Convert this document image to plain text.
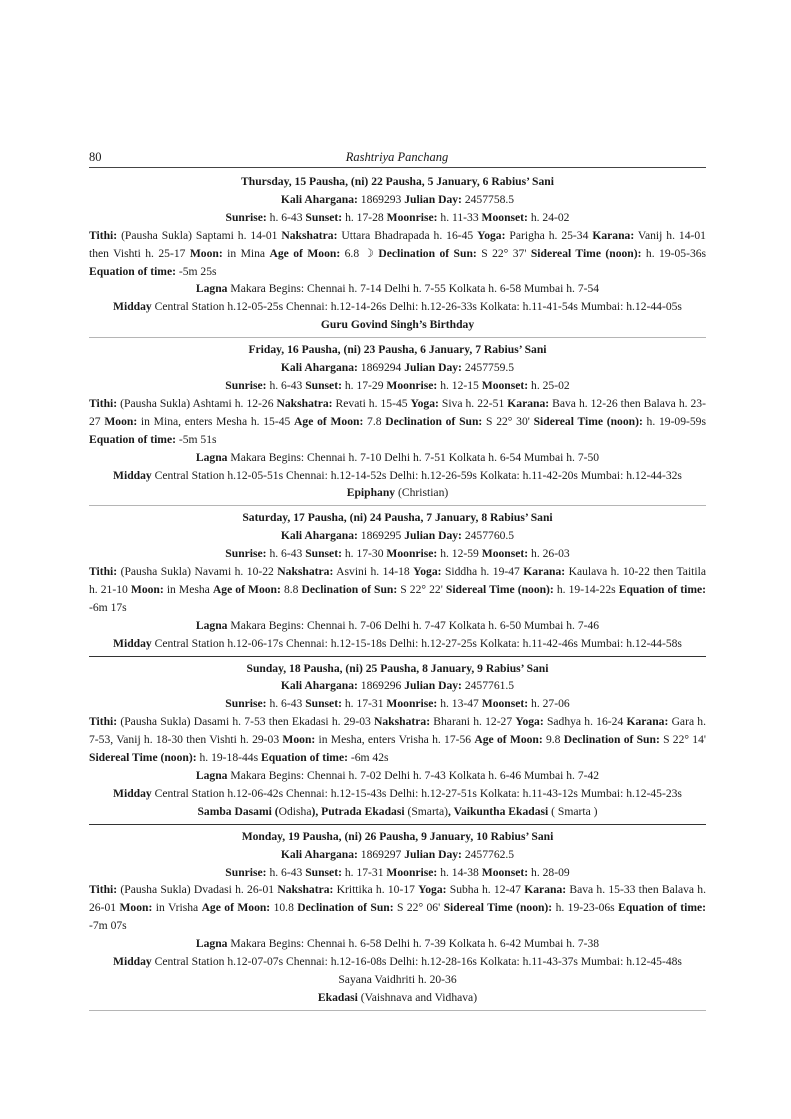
80	Rashtriya Panchang
Thursday, 15 Pausha, (ni) 22 Pausha, 5 January, 6 Rabius’ Sani
Kali Ahargana: 1869293 Julian Day: 2457758.5
Sunrise: h. 6-43 Sunset: h. 17-28 Moonrise: h. 11-33 Moonset: h. 24-02
Tithi: (Pausha Sukla) Saptami h. 14-01 Nakshatra: Uttara Bhadrapada h. 16-45 Yoga: Parigha h. 25-34 Karana: Vanij h. 14-01 then Vishti h. 25-17 Moon: in Mina Age of Moon: 6.8 ☽ Declination of Sun: S 22° 37' Sidereal Time (noon): h. 19-05-36s Equation of time: -5m 25s
Lagna Makara Begins: Chennai h. 7-14 Delhi h. 7-55 Kolkata h. 6-58 Mumbai h. 7-54
Midday Central Station h.12-05-25s Chennai: h.12-14-26s Delhi: h.12-26-33s Kolkata: h.11-41-54s Mumbai: h.12-44-05s
Guru Govind Singh’s Birthday
Friday, 16 Pausha, (ni) 23 Pausha, 6 January, 7 Rabius’ Sani
Kali Ahargana: 1869294 Julian Day: 2457759.5
Sunrise: h. 6-43 Sunset: h. 17-29 Moonrise: h. 12-15 Moonset: h. 25-02
Tithi: (Pausha Sukla) Ashtami h. 12-26 Nakshatra: Revati h. 15-45 Yoga: Siva h. 22-51 Karana: Bava h. 12-26 then Balava h. 23-27 Moon: in Mina, enters Mesha h. 15-45 Age of Moon: 7.8 Declination of Sun: S 22° 30' Sidereal Time (noon): h. 19-09-59s Equation of time: -5m 51s
Lagna Makara Begins: Chennai h. 7-10 Delhi h. 7-51 Kolkata h. 6-54 Mumbai h. 7-50
Midday Central Station h.12-05-51s Chennai: h.12-14-52s Delhi: h.12-26-59s Kolkata: h.11-42-20s Mumbai: h.12-44-32s
Epiphany (Christian)
Saturday, 17 Pausha, (ni) 24 Pausha, 7 January, 8 Rabius’ Sani
Kali Ahargana: 1869295 Julian Day: 2457760.5
Sunrise: h. 6-43 Sunset: h. 17-30 Moonrise: h. 12-59 Moonset: h. 26-03
Tithi: (Pausha Sukla) Navami h. 10-22 Nakshatra: Asvini h. 14-18 Yoga: Siddha h. 19-47 Karana: Kaulava h. 10-22 then Taitila h. 21-10 Moon: in Mesha Age of Moon: 8.8 Declination of Sun: S 22° 22' Sidereal Time (noon): h. 19-14-22s Equation of time: -6m 17s
Lagna Makara Begins: Chennai h. 7-06 Delhi h. 7-47 Kolkata h. 6-50 Mumbai h. 7-46
Midday Central Station h.12-06-17s Chennai: h.12-15-18s Delhi: h.12-27-25s Kolkata: h.11-42-46s Mumbai: h.12-44-58s
Sunday, 18 Pausha, (ni) 25 Pausha, 8 January, 9 Rabius’ Sani
Kali Ahargana: 1869296 Julian Day: 2457761.5
Sunrise: h. 6-43 Sunset: h. 17-31 Moonrise: h. 13-47 Moonset: h. 27-06
Tithi: (Pausha Sukla) Dasami h. 7-53 then Ekadasi h. 29-03 Nakshatra: Bharani h. 12-27 Yoga: Sadhya h. 16-24 Karana: Gara h. 7-53, Vanij h. 18-30 then Vishti h. 29-03 Moon: in Mesha, enters Vrisha h. 17-56 Age of Moon: 9.8 Declination of Sun: S 22° 14' Sidereal Time (noon): h. 19-18-44s Equation of time: -6m 42s
Lagna Makara Begins: Chennai h. 7-02 Delhi h. 7-43 Kolkata h. 6-46 Mumbai h. 7-42
Midday Central Station h.12-06-42s Chennai: h.12-15-43s Delhi: h.12-27-51s Kolkata: h.11-43-12s Mumbai: h.12-45-23s
Samba Dasami (Odisha), Putrada Ekadasi (Smarta), Vaikuntha Ekadasi ( Smarta )
Monday, 19 Pausha, (ni) 26 Pausha, 9 January, 10 Rabius’ Sani
Kali Ahargana: 1869297 Julian Day: 2457762.5
Sunrise: h. 6-43 Sunset: h. 17-31 Moonrise: h. 14-38 Moonset: h. 28-09
Tithi: (Pausha Sukla) Dvadasi h. 26-01 Nakshatra: Krittika h. 10-17 Yoga: Subha h. 12-47 Karana: Bava h. 15-33 then Balava h. 26-01 Moon: in Vrisha Age of Moon: 10.8 Declination of Sun: S 22° 06' Sidereal Time (noon): h. 19-23-06s Equation of time: -7m 07s
Lagna Makara Begins: Chennai h. 6-58 Delhi h. 7-39 Kolkata h. 6-42 Mumbai h. 7-38
Midday Central Station h.12-07-07s Chennai: h.12-16-08s Delhi: h.12-28-16s Kolkata: h.11-43-37s Mumbai: h.12-45-48s
Sayana Vaidhriti h. 20-36
Ekadasi (Vaishnava and Vidhava)
